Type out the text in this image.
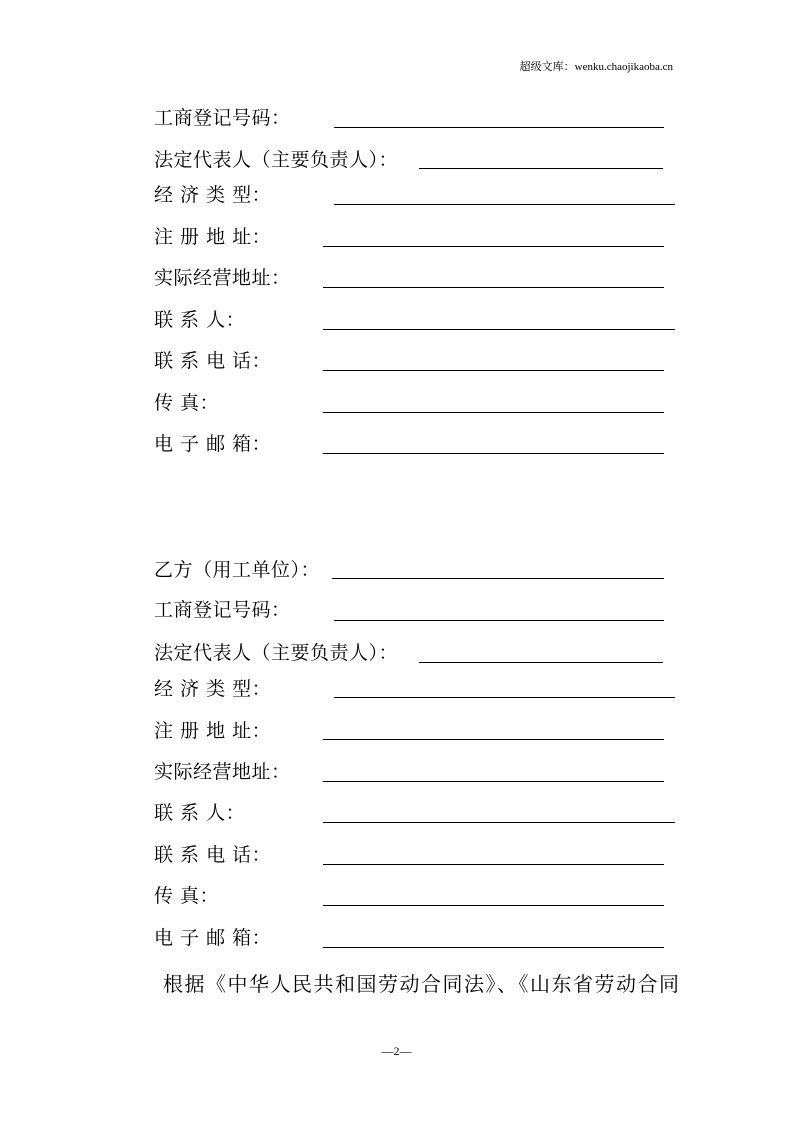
超级文库：wenku.chaojikaoba.cn
工商登记号码：
法定代表人（主要负责人）：
经 济 类 型：
注 册 地 址：
实际经营地址：
联 系 人：
联 系 电 话：
传 真：
电 子 邮 箱：
乙方（用工单位）：
工商登记号码：
法定代表人（主要负责人）：
经 济 类 型：
注 册 地 址：
实际经营地址：
联 系 人：
联 系 电 话：
传 真：
电 子 邮 箱：
根据《中华人民共和国劳动合同法》、《山东省劳动合同
—2—
